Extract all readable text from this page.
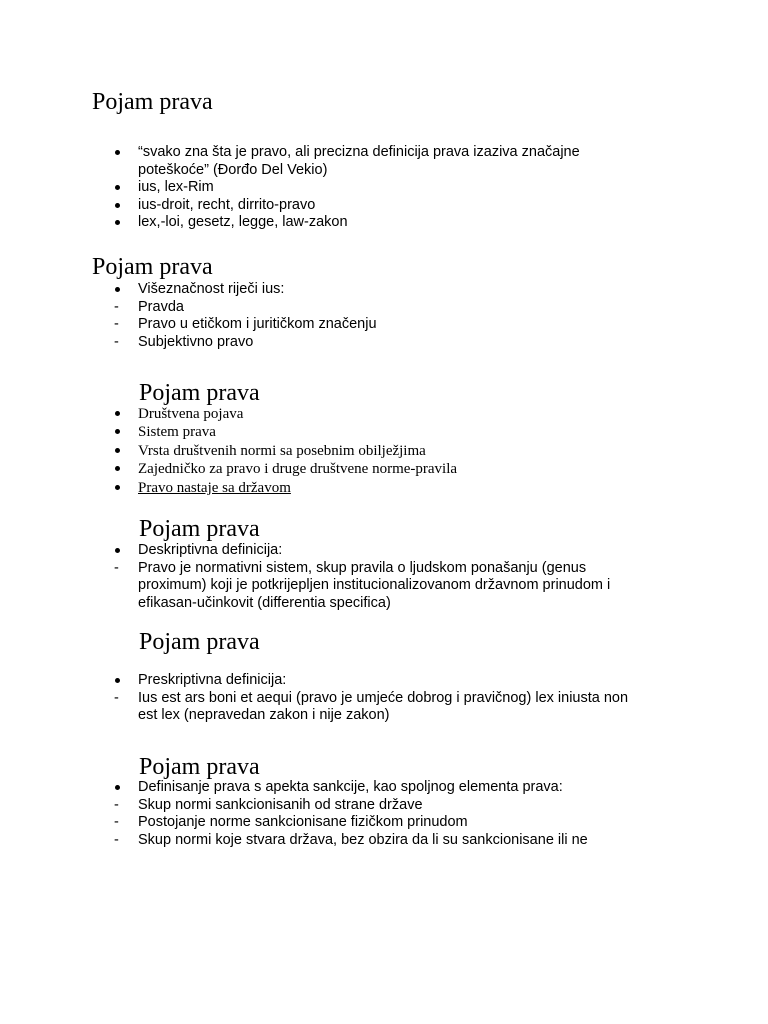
Pojam prava
“svako zna šta je pravo, ali precizna definicija prava izaziva značajne
poteškoće” (Đorđo Del Vekio)
ius, lex-Rim
ius-droit, recht, dirrito-pravo
lex,-loi, gesetz, legge, law-zakon
Pojam prava
Višeznačnost riječi ius:
- Pravda
- Pravo u etičkom i juritičkom značenju
- Subjektivno pravo
Pojam prava
Društvena pojava
Sistem prava
Vrsta društvenih normi sa posebnim obilježjima
Zajedničko za pravo i druge društvene norme-pravila
Pravo nastaje sa državom
Pojam prava
Deskriptivna definicija:
- Pravo je normativni sistem, skup pravila o ljudskom ponašanju (genus
proximum) koji je potkrijepljen institucionalizovanom državnom prinudom i
efikasan-učinkovit (differentia specifica)
Pojam prava
Preskriptivna definicija:
- Ius est ars boni et aequi (pravo je umjeće dobrog i pravičnog) lex iniusta non
est lex (nepravedan zakon i nije zakon)
Pojam prava
Definisanje prava s apekta sankcije, kao spoljnog elementa prava:
- Skup normi sankcionisanih od strane države
- Postojanje norme sankcionisane fizičkom prinudom
- Skup normi koje stvara država, bez obzira da li su sankcionisane ili ne
